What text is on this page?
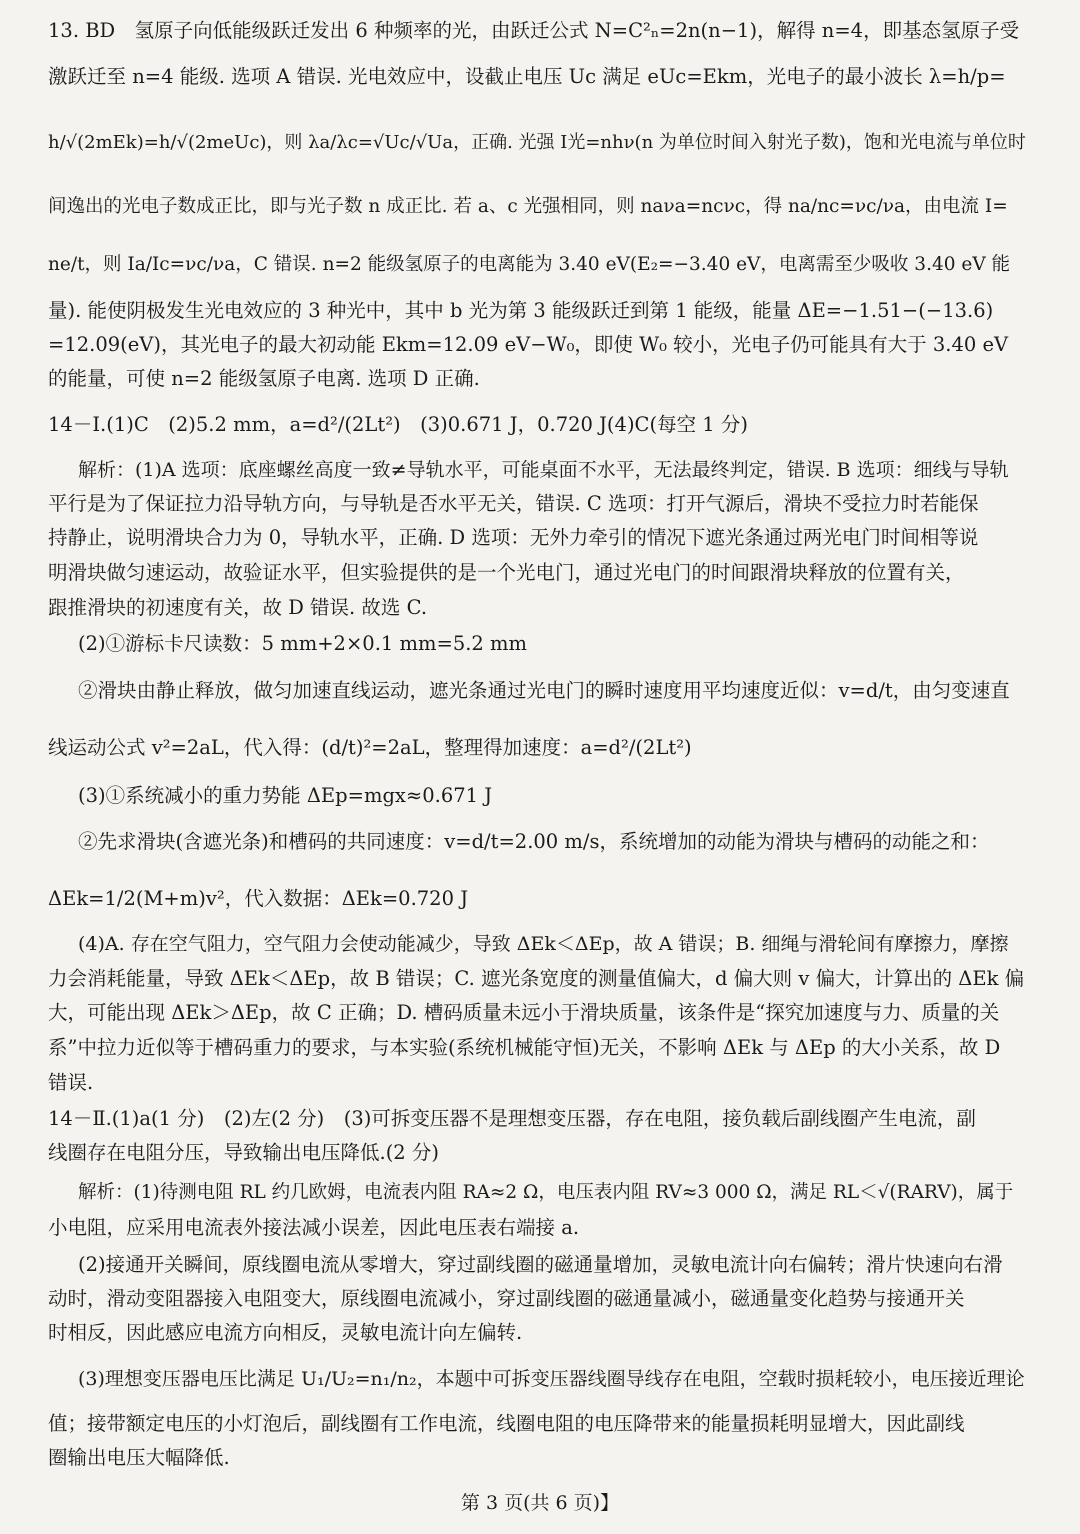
13. BD　氢原子向低能级跃迁发出 6 种频率的光，由跃迁公式 N=C²ₙ=2n(n−1)，解得 n=4，即基态氢原子受
激跃迁至 n=4 能级. 选项 A 错误. 光电效应中，设截止电压 Uc 满足 eUc=Ekm，光电子的最小波长 λ=h/p=
h/√(2mEk)=h/√(2meUc)，则 λa/λc=√Uc/√Ua，正确. 光强 I光=nhν(n 为单位时间入射光子数)，饱和光电流与单位时
间逸出的光电子数成正比，即与光子数 n 成正比. 若 a、c 光强相同，则 naνa=ncνc，得 na/nc=νc/νa，由电流 I=
ne/t，则 Ia/Ic=νc/νa，C 错误. n=2 能级氢原子的电离能为 3.40 eV(E₂=−3.40 eV，电离需至少吸收 3.40 eV 能
量). 能使阴极发生光电效应的 3 种光中，其中 b 光为第 3 能级跃迁到第 1 能级，能量 ΔE=−1.51−(−13.6)
=12.09(eV)，其光电子的最大初动能 Ekm=12.09 eV−W₀，即使 W₀ 较小，光电子仍可能具有大于 3.40 eV
的能量，可使 n=2 能级氢原子电离. 选项 D 正确.
14－Ⅰ.(1)C　(2)5.2 mm，a=d²/(2Lt²)　(3)0.671 J，0.720 J(4)C(每空 1 分)
解析：(1)A 选项：底座螺丝高度一致≠导轨水平，可能桌面不水平，无法最终判定，错误. B 选项：细线与导轨
平行是为了保证拉力沿导轨方向，与导轨是否水平无关，错误. C 选项：打开气源后，滑块不受拉力时若能保
持静止，说明滑块合力为 0，导轨水平，正确. D 选项：无外力牵引的情况下遮光条通过两光电门时间相等说
明滑块做匀速运动，故验证水平，但实验提供的是一个光电门，通过光电门的时间跟滑块释放的位置有关，
跟推滑块的初速度有关，故 D 错误. 故选 C.
(2)①游标卡尺读数：5 mm+2×0.1 mm=5.2 mm
②滑块由静止释放，做匀加速直线运动，遮光条通过光电门的瞬时速度用平均速度近似：v=d/t，由匀变速直
线运动公式 v²=2aL，代入得：(d/t)²=2aL，整理得加速度：a=d²/(2Lt²)
(3)①系统减小的重力势能 ΔEp=mgx≈0.671 J
②先求滑块(含遮光条)和槽码的共同速度：v=d/t=2.00 m/s，系统增加的动能为滑块与槽码的动能之和：
ΔEk=1/2(M+m)v²，代入数据：ΔEk=0.720 J
(4)A. 存在空气阻力，空气阻力会使动能减少，导致 ΔEk＜ΔEp，故 A 错误；B. 细绳与滑轮间有摩擦力，摩擦
力会消耗能量，导致 ΔEk＜ΔEp，故 B 错误；C. 遮光条宽度的测量值偏大，d 偏大则 v 偏大，计算出的 ΔEk 偏
大，可能出现 ΔEk＞ΔEp，故 C 正确；D. 槽码质量未远小于滑块质量，该条件是“探究加速度与力、质量的关
系”中拉力近似等于槽码重力的要求，与本实验(系统机械能守恒)无关，不影响 ΔEk 与 ΔEp 的大小关系，故 D
错误.
14－Ⅱ.(1)a(1 分)　(2)左(2 分)　(3)可拆变压器不是理想变压器，存在电阻，接负载后副线圈产生电流，副
线圈存在电阻分压，导致输出电压降低.(2 分)
解析：(1)待测电阻 RL 约几欧姆，电流表内阻 RA≈2 Ω，电压表内阻 RV≈3 000 Ω，满足 RL＜√(RARV)，属于
小电阻，应采用电流表外接法减小误差，因此电压表右端接 a.
(2)接通开关瞬间，原线圈电流从零增大，穿过副线圈的磁通量增加，灵敏电流计向右偏转；滑片快速向右滑
动时，滑动变阻器接入电阻变大，原线圈电流减小，穿过副线圈的磁通量减小，磁通量变化趋势与接通开关
时相反，因此感应电流方向相反，灵敏电流计向左偏转.
(3)理想变压器电压比满足 U₁/U₂=n₁/n₂，本题中可拆变压器线圈导线存在电阻，空载时损耗较小，电压接近理论
值；接带额定电压的小灯泡后，副线圈有工作电流，线圈电阻的电压降带来的能量损耗明显增大，因此副线
圈输出电压大幅降低.
第 3 页(共 6 页)】
